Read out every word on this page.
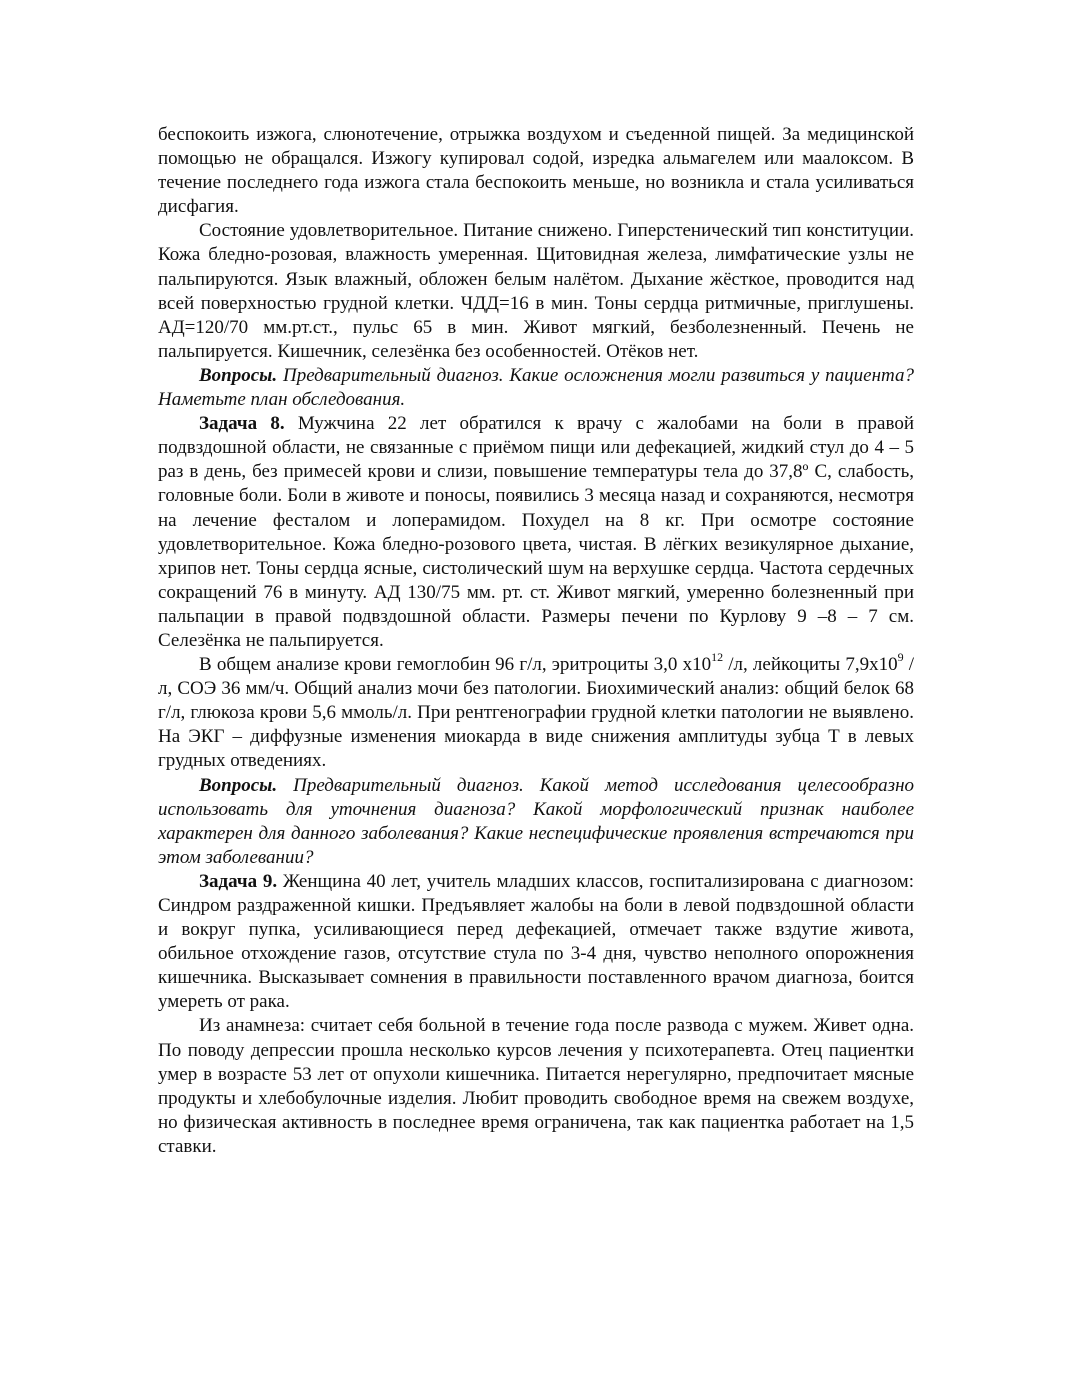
беспокоить изжога, слюнотечение, отрыжка воздухом и съеденной пищей. За медицинской помощью не обращался. Изжогу купировал содой, изредка альмагелем или маалоксом. В течение последнего года изжога стала беспокоить меньше, но возникла и стала усиливаться дисфагия.

Состояние удовлетворительное. Питание снижено. Гиперстенический тип конституции. Кожа бледно-розовая, влажность умеренная. Щитовидная железа, лимфатические узлы не пальпируются. Язык влажный, обложен белым налётом. Дыхание жёсткое, проводится над всей поверхностью грудной клетки. ЧДД=16 в мин. Тоны сердца ритмичные, приглушены. АД=120/70 мм.рт.ст., пульс 65 в мин. Живот мягкий, безболезненный. Печень не пальпируется. Кишечник, селезёнка без особенностей. Отёков нет.

Вопросы. Предварительный диагноз. Какие осложнения могли развиться у пациента? Наметьте план обследования.

Задача 8. Мужчина 22 лет обратился к врачу с жалобами на боли в правой подвздошной области, не связанные с приёмом пищи или дефекацией, жидкий стул до 4 – 5 раз в день, без примесей крови и слизи, повышение температуры тела до 37,8º С, слабость, головные боли. Боли в животе и поносы, появились 3 месяца назад и сохраняются, несмотря на лечение фесталом и лоперамидом. Похудел на 8 кг. При осмотре состояние удовлетворительное. Кожа бледно-розового цвета, чистая. В лёгких везикулярное дыхание, хрипов нет. Тоны сердца ясные, систолический шум на верхушке сердца. Частота сердечных сокращений 76 в минуту. АД 130/75 мм. рт. ст. Живот мягкий, умеренно болезненный при пальпации в правой подвздошной области. Размеры печени по Курлову 9 –8 – 7 см. Селезёнка не пальпируется.

В общем анализе крови гемоглобин 96 г/л, эритроциты 3,0 $х10^{12}$ /л, лейкоциты $7,9х10^9$ /л, СОЭ 36 мм/ч. Общий анализ мочи без патологии. Биохимический анализ: общий белок 68 г/л, глюкоза крови 5,6 ммоль/л. При рентгенографии грудной клетки патологии не выявлено. На ЭКГ – диффузные изменения миокарда в виде снижения амплитуды зубца Т в левых грудных отведениях.

Вопросы. Предварительный диагноз. Какой метод исследования целесообразно использовать для уточнения диагноза? Какой морфологический признак наиболее характерен для данного заболевания? Какие неспецифические проявления встречаются при этом заболевании?

Задача 9. Женщина 40 лет, учитель младших классов, госпитализирована с диагнозом: Синдром раздраженной кишки. Предъявляет жалобы на боли в левой подвздошной области и вокруг пупка, усиливающиеся перед дефекацией, отмечает также вздутие живота, обильное отхождение газов, отсутствие стула по 3-4 дня, чувство неполного опорожнения кишечника. Высказывает сомнения в правильности поставленного врачом диагноза, боится умереть от рака.

Из анамнеза: считает себя больной в течение года после развода с мужем. Живет одна. По поводу депрессии прошла несколько курсов лечения у психотерапевта. Отец пациентки умер в возрасте 53 лет от опухоли кишечника. Питается нерегулярно, предпочитает мясные продукты и хлебобулочные изделия. Любит проводить свободное время на свежем воздухе, но физическая активность в последнее время ограничена, так как пациентка работает на 1,5 ставки.
